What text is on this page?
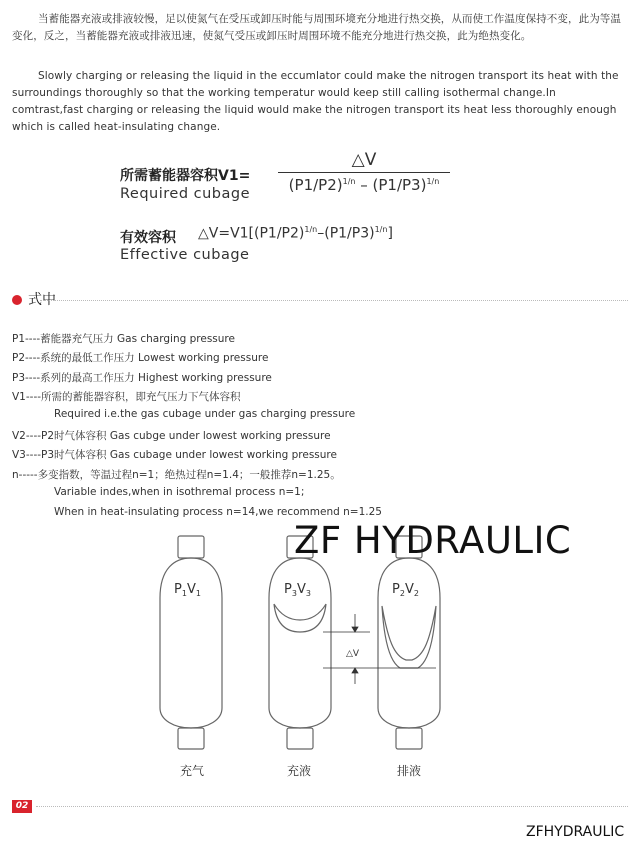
当蓄能器充液或排液较慢，足以使氮气在受压或卸压时能与周围环境充分地进行热交换，从而使工作温度保持不变，此为等温变化，反之，当蓄能器充液或排液迅速，使氮气受压或卸压时周围环境不能充分地进行热交换，此为绝热变化。
Slowly charging or releasing the liquid in the eccumlator could make the nitrogen transport its heat with the surroundings thoroughly so that the working temperatur would keep still calling isothermal change.In comtrast,fast charging or releasing the liquid would make the nitrogen transport its heat less thoroughly enough which is called heat-insulating change.
所需蓄能器容积V1=
Required cubage
△V
$(P1/P2)^{1/n} - (P1/P3)^{1/n}$
有效容积 $\triangle V=V1[(P1/P2)^{1/n}-(P1/P3)^{1/n}]$
Effective cubage
式中
P1----蓄能器充气压力 Gas charging pressure
P2----系统的最低工作压力 Lowest working pressure
P3----系列的最高工作压力 Highest working pressure
V1----所需的蓄能器容积，即充气压力下气体容积
Required i.e.the gas cubage under gas charging pressure
V2----P2时气体容积 Gas cubge under lowest working pressure
V3----P3时气体容积 Gas cubage under lowest working pressure
n-----多变指数，等温过程n=1；绝热过程n=1.4；一般推荐n=1.25。
Variable indes,when in isothremal process n=1;
When in heat-insulating process n=14,we recommend n=1.25
$P_1V_1$	$P_3V_3$	$P_2V_2$
△V
充气	充液	排液
ZF HYDRAULIC
02
ZFHYDRAULIC
